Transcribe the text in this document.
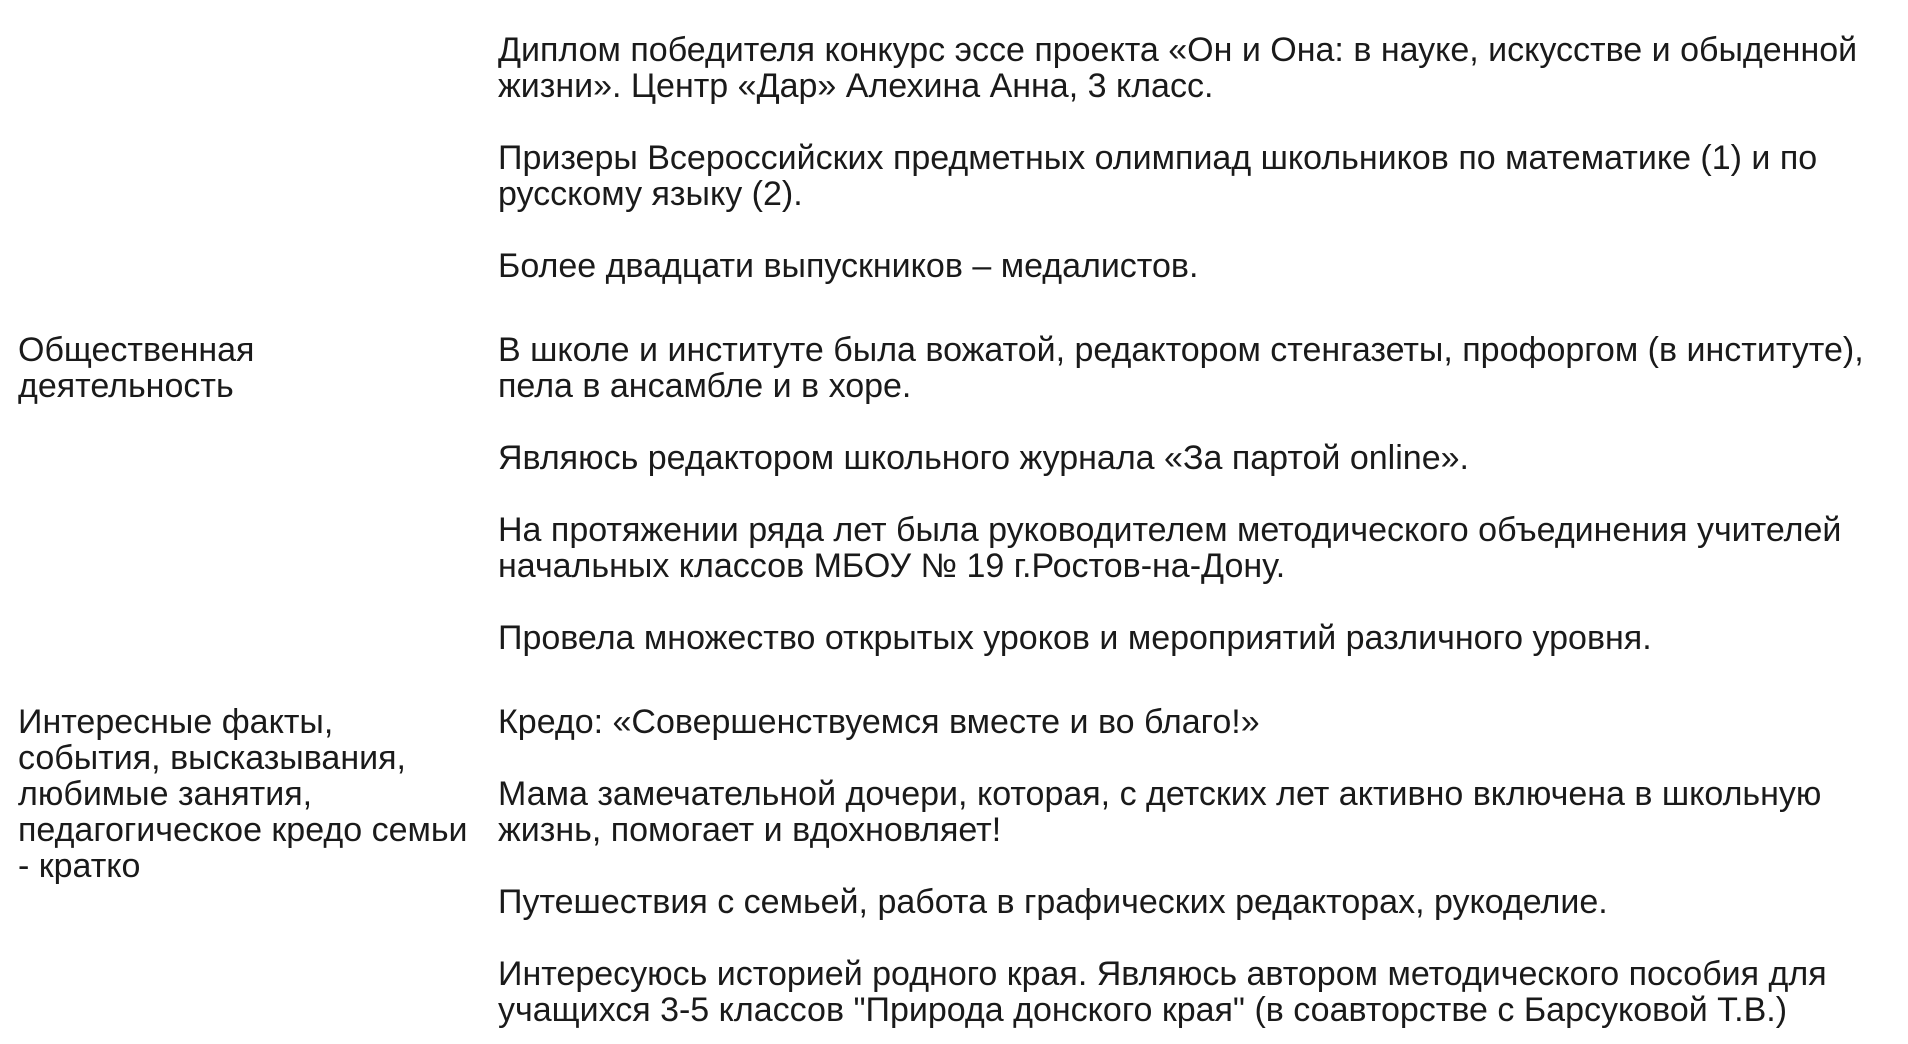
Диплом победителя конкурс эссе проекта «Он и Она: в науке, искусстве и обыденной жизни». Центр «Дар» Алехина Анна, 3 класс.

Призеры Всероссийских предметных олимпиад школьников по математике (1) и по русскому языку (2).

Более двадцати выпускников – медалистов.

Общественная деятельность

В школе и институте была вожатой, редактором стенгазеты, профоргом (в институте), пела в ансамбле и в хоре.

Являюсь редактором школьного журнала «За партой online».

На протяжении ряда лет была руководителем методического объединения учителей начальных классов МБОУ № 19 г.Ростов-на-Дону.

Провела множество открытых уроков и мероприятий различного уровня.

Интересные факты, события, высказывания, любимые занятия, педагогическое кредо семьи - кратко

Кредо: «Совершенствуемся вместе и во благо!»

Мама замечательной дочери, которая, с детских лет активно включена в школьную жизнь, помогает и вдохновляет!

Путешествия с семьей, работа в графических редакторах, рукоделие.

Интересуюсь историей родного края. Являюсь автором методического пособия для учащихся 3-5 классов "Природа донского края" (в соавторстве с Барсуковой Т.В.)
